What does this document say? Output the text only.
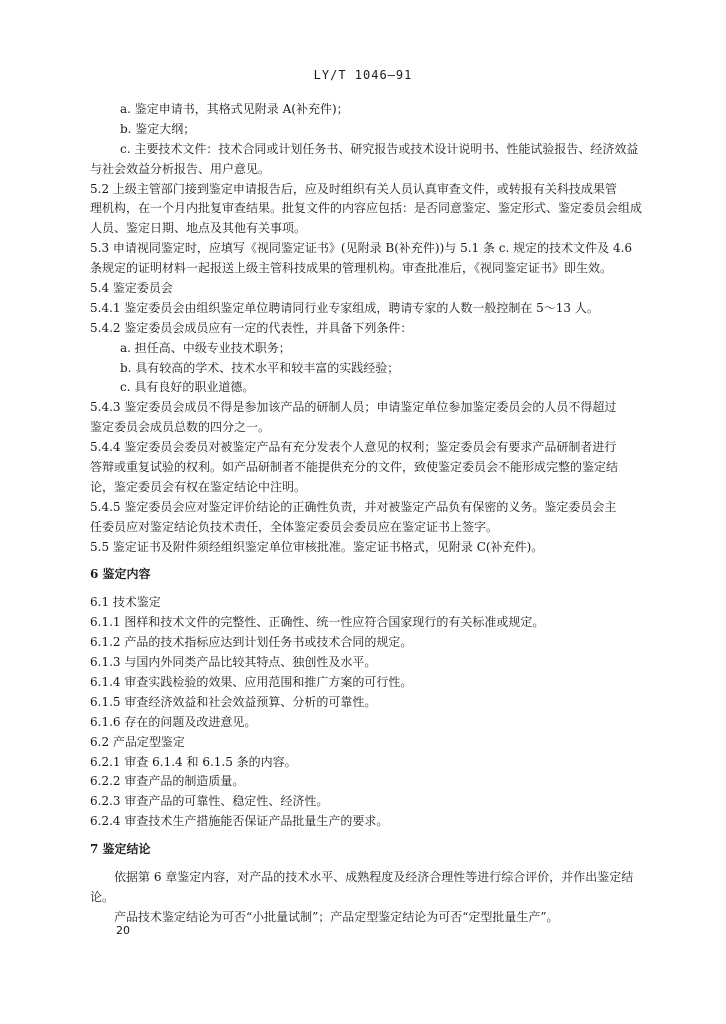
LY/T 1046—91
a. 鉴定申请书，其格式见附录 A(补充件)；
b. 鉴定大纲；
c. 主要技术文件：技术合同或计划任务书、研究报告或技术设计说明书、性能试验报告、经济效益
与社会效益分析报告、用户意见。
5.2 上级主管部门接到鉴定申请报告后，应及时组织有关人员认真审查文件，或转报有关科技成果管
理机构，在一个月内批复审查结果。批复文件的内容应包括：是否同意鉴定、鉴定形式、鉴定委员会组成
人员、鉴定日期、地点及其他有关事项。
5.3 申请视同鉴定时，应填写《视同鉴定证书》(见附录 B(补充件))与 5.1 条 c. 规定的技术文件及 4.6
条规定的证明材料一起报送上级主管科技成果的管理机构。审查批准后，《视同鉴定证书》即生效。
5.4 鉴定委员会
5.4.1 鉴定委员会由组织鉴定单位聘请同行业专家组成，聘请专家的人数一般控制在 5～13 人。
5.4.2 鉴定委员会成员应有一定的代表性，并具备下列条件：
a. 担任高、中级专业技术职务；
b. 具有较高的学术、技术水平和较丰富的实践经验；
c. 具有良好的职业道德。
5.4.3 鉴定委员会成员不得是参加该产品的研制人员；申请鉴定单位参加鉴定委员会的人员不得超过
鉴定委员会成员总数的四分之一。
5.4.4 鉴定委员会委员对被鉴定产品有充分发表个人意见的权利；鉴定委员会有要求产品研制者进行
答辩或重复试验的权利。如产品研制者不能提供充分的文件，致使鉴定委员会不能形成完整的鉴定结
论，鉴定委员会有权在鉴定结论中注明。
5.4.5 鉴定委员会应对鉴定评价结论的正确性负责，并对被鉴定产品负有保密的义务。鉴定委员会主
任委员应对鉴定结论负技术责任，全体鉴定委员会委员应在鉴定证书上签字。
5.5 鉴定证书及附件须经组织鉴定单位审核批准。鉴定证书格式，见附录 C(补充件)。
6 鉴定内容
6.1 技术鉴定
6.1.1 图样和技术文件的完整性、正确性、统一性应符合国家现行的有关标准或规定。
6.1.2 产品的技术指标应达到计划任务书或技术合同的规定。
6.1.3 与国内外同类产品比较其特点、独创性及水平。
6.1.4 审查实践检验的效果、应用范围和推广方案的可行性。
6.1.5 审查经济效益和社会效益预算、分析的可靠性。
6.1.6 存在的问题及改进意见。
6.2 产品定型鉴定
6.2.1 审查 6.1.4 和 6.1.5 条的内容。
6.2.2 审查产品的制造质量。
6.2.3 审查产品的可靠性、稳定性、经济性。
6.2.4 审查技术生产措施能否保证产品批量生产的要求。
7 鉴定结论
依据第 6 章鉴定内容，对产品的技术水平、成熟程度及经济合理性等进行综合评价，并作出鉴定结
论。
产品技术鉴定结论为可否“小批量试制”；产品定型鉴定结论为可否“定型批量生产”。
20
